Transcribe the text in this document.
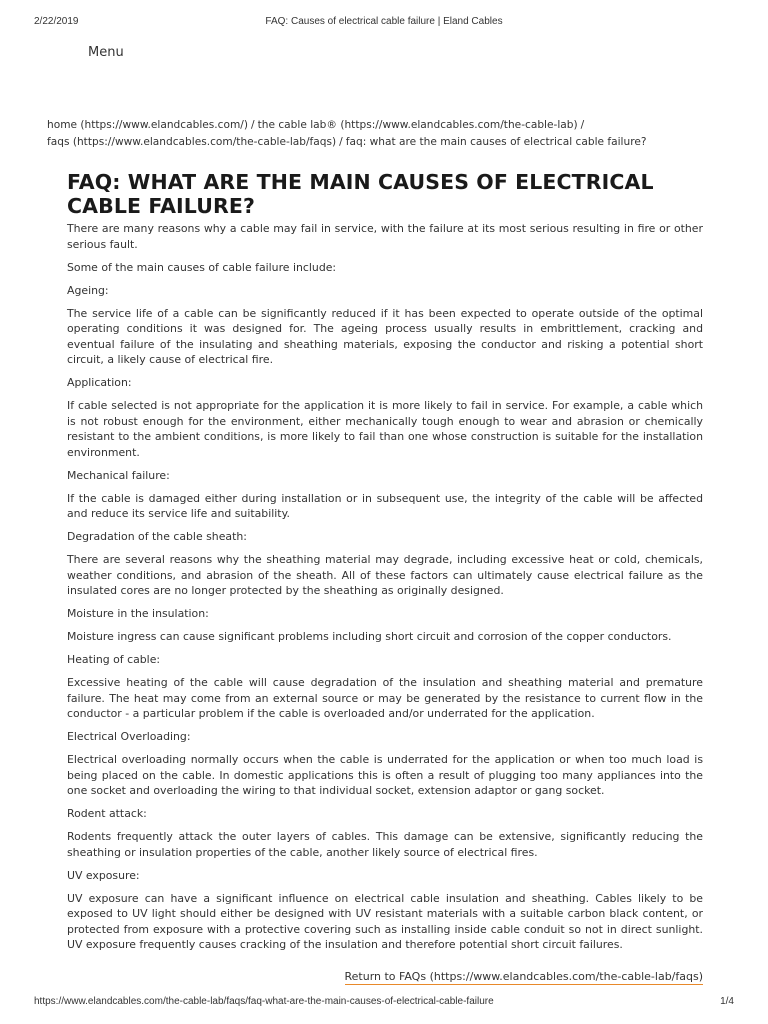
2/22/2019	FAQ: Causes of electrical cable failure | Eland Cables
Menu
home (https://www.elandcables.com/) / the cable lab® (https://www.elandcables.com/the-cable-lab) /
faqs (https://www.elandcables.com/the-cable-lab/faqs) / faq: what are the main causes of electrical cable failure?
FAQ: WHAT ARE THE MAIN CAUSES OF ELECTRICAL CABLE FAILURE?

There are many reasons why a cable may fail in service, with the failure at its most serious resulting in fire or other serious fault.

Some of the main causes of cable failure include:

Ageing:

The service life of a cable can be significantly reduced if it has been expected to operate outside of the optimal operating conditions it was designed for. The ageing process usually results in embrittlement, cracking and eventual failure of the insulating and sheathing materials, exposing the conductor and risking a potential short circuit, a likely cause of electrical fire.

Application:

If cable selected is not appropriate for the application it is more likely to fail in service. For example, a cable which is not robust enough for the environment, either mechanically tough enough to wear and abrasion or chemically resistant to the ambient conditions, is more likely to fail than one whose construction is suitable for the installation environment.

Mechanical failure:

If the cable is damaged either during installation or in subsequent use, the integrity of the cable will be affected and reduce its service life and suitability.

Degradation of the cable sheath:

There are several reasons why the sheathing material may degrade, including excessive heat or cold, chemicals, weather conditions, and abrasion of the sheath. All of these factors can ultimately cause electrical failure as the insulated cores are no longer protected by the sheathing as originally designed.

Moisture in the insulation:

Moisture ingress can cause significant problems including short circuit and corrosion of the copper conductors.

Heating of cable:

Excessive heating of the cable will cause degradation of the insulation and sheathing material and premature failure. The heat may come from an external source or may be generated by the resistance to current flow in the conductor - a particular problem if the cable is overloaded and/or underrated for the application.

Electrical Overloading:

Electrical overloading normally occurs when the cable is underrated for the application or when too much load is being placed on the cable. In domestic applications this is often a result of plugging too many appliances into the one socket and overloading the wiring to that individual socket, extension adaptor or gang socket.

Rodent attack:

Rodents frequently attack the outer layers of cables. This damage can be extensive, significantly reducing the sheathing or insulation properties of the cable, another likely source of electrical fires.

UV exposure:

UV exposure can have a significant influence on electrical cable insulation and sheathing. Cables likely to be exposed to UV light should either be designed with UV resistant materials with a suitable carbon black content, or protected from exposure with a protective covering such as installing inside cable conduit so not in direct sunlight. UV exposure frequently causes cracking of the insulation and therefore potential short circuit failures.

Return to FAQs (https://www.elandcables.com/the-cable-lab/faqs)
https://www.elandcables.com/the-cable-lab/faqs/faq-what-are-the-main-causes-of-electrical-cable-failure	1/4
